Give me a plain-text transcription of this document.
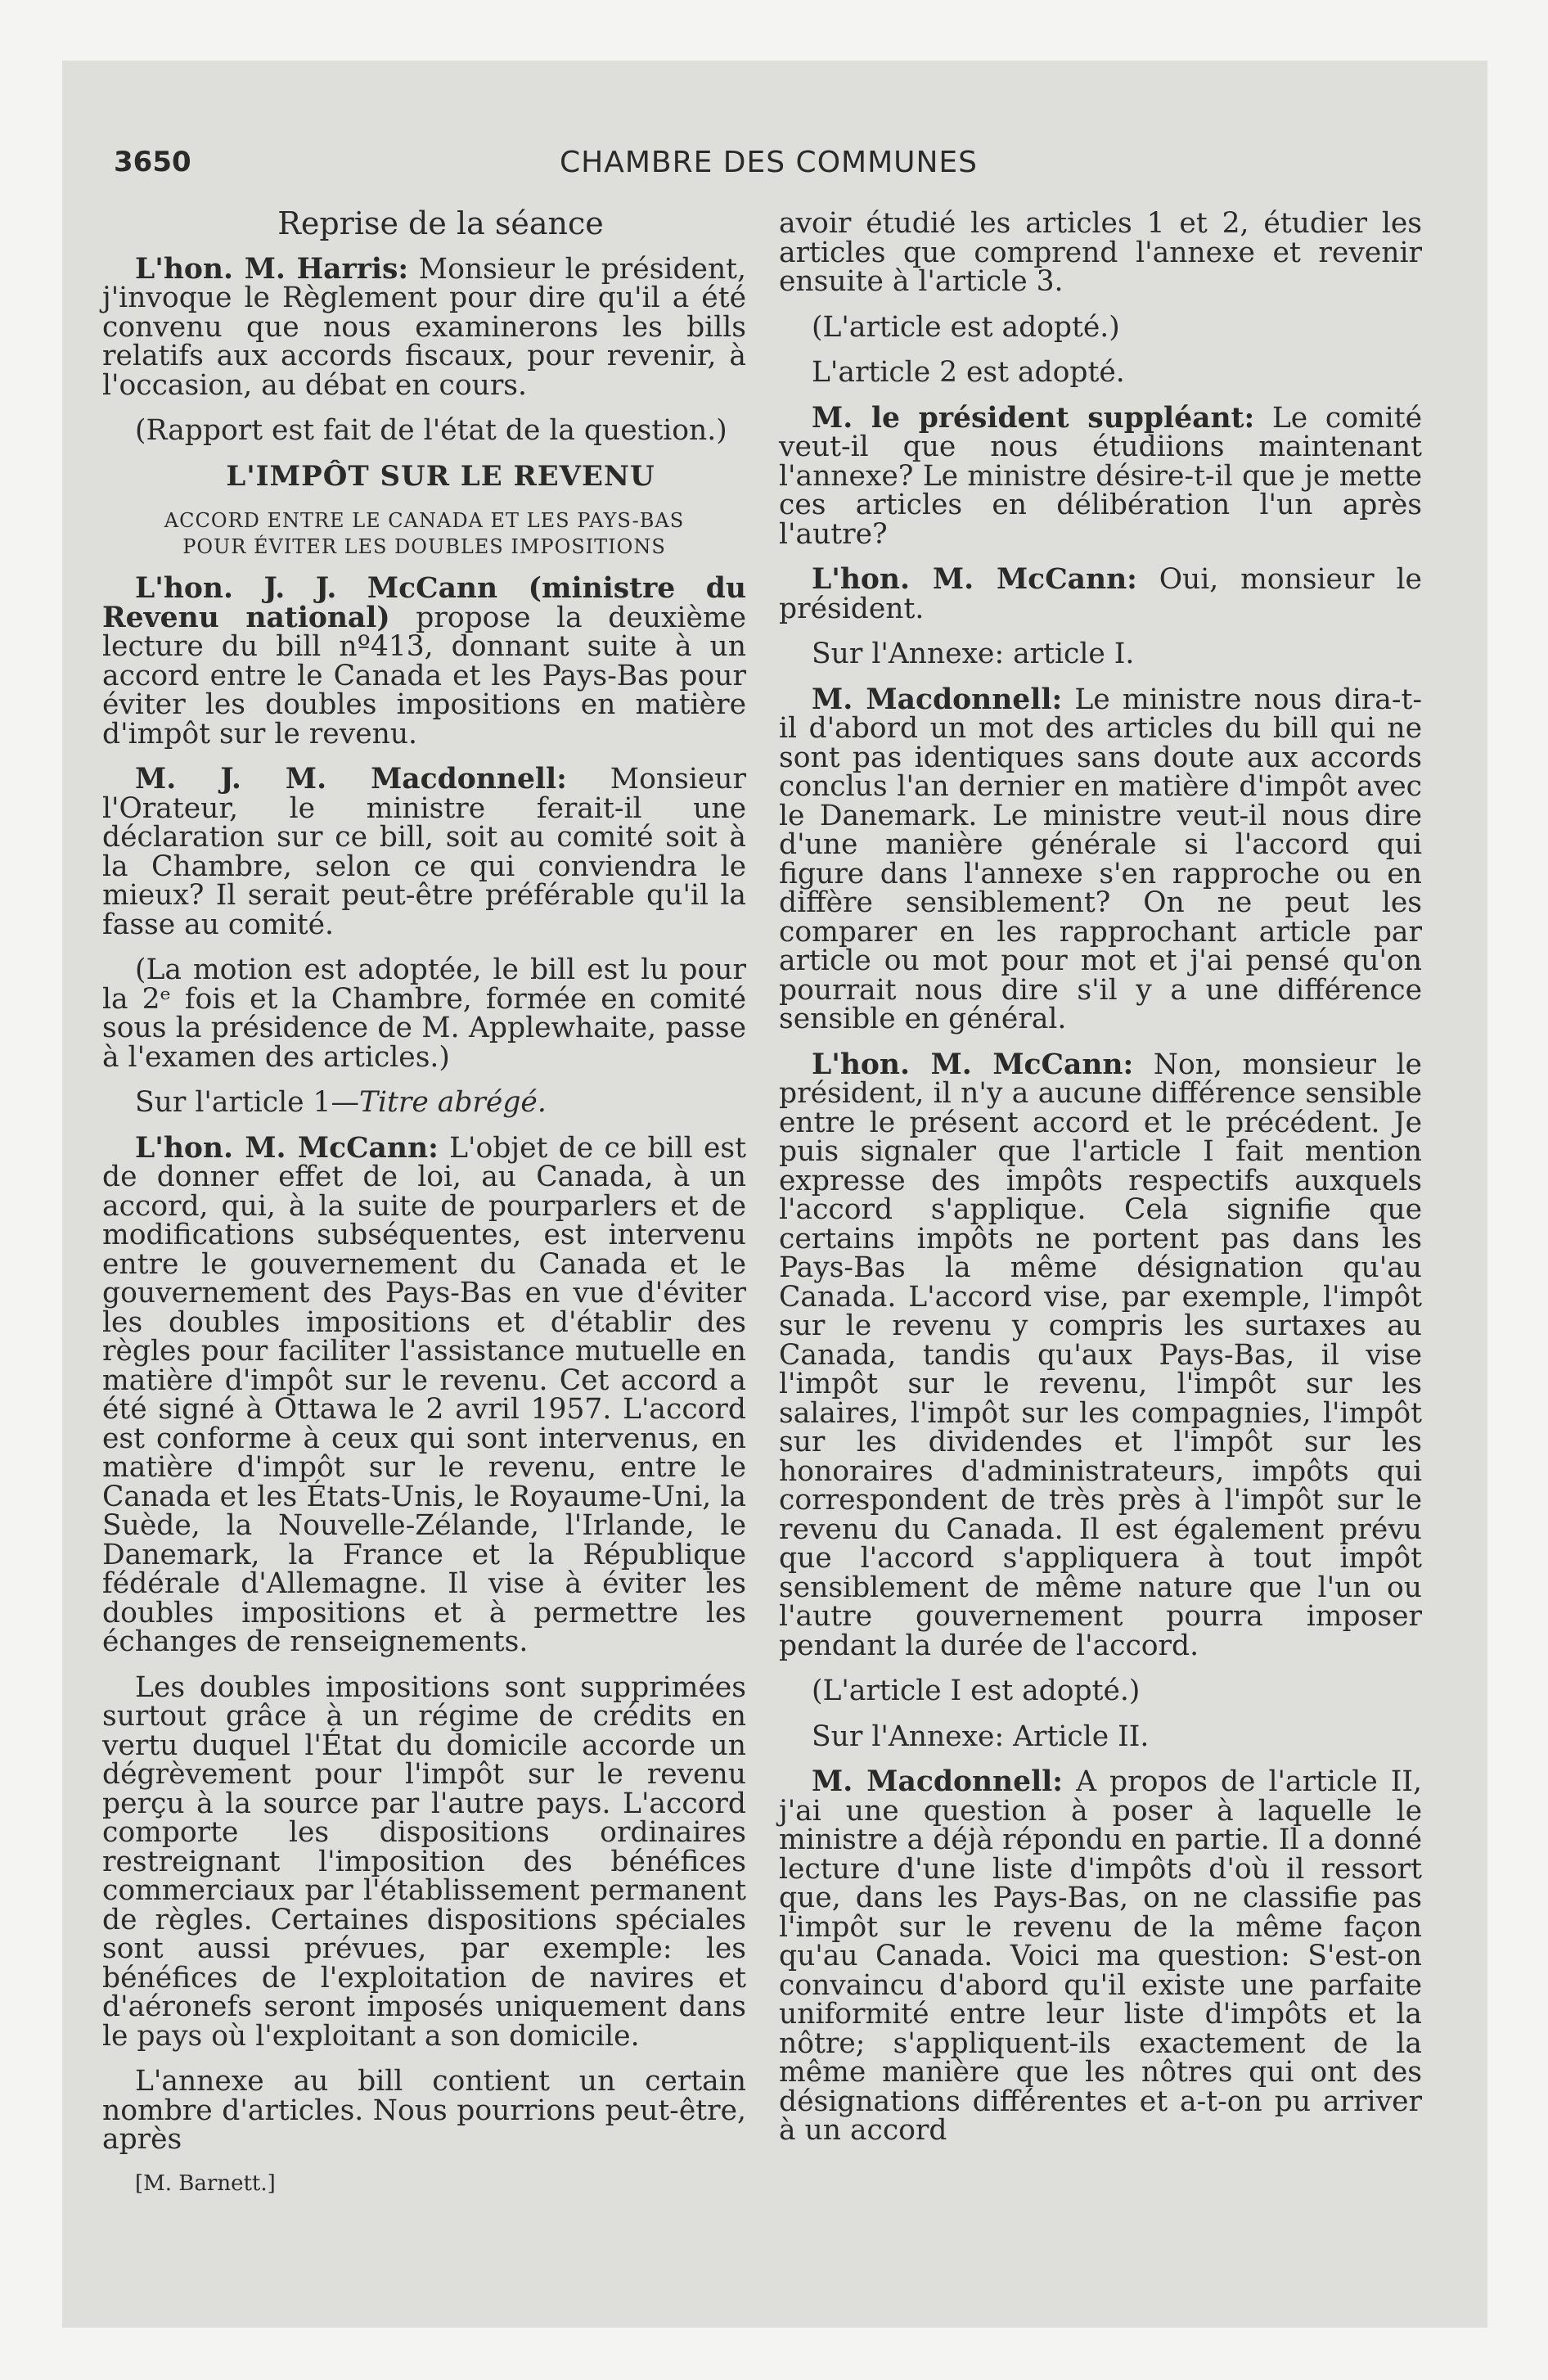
3650	CHAMBRE DES COMMUNES

Reprise de la séance

L'hon. M. Harris: Monsieur le président, j'invoque le Règlement pour dire qu'il a été convenu que nous examinerons les bills relatifs aux accords fiscaux, pour revenir, à l'occasion, au débat en cours.

(Rapport est fait de l'état de la question.)

L'IMPÔT SUR LE REVENU

ACCORD ENTRE LE CANADA ET LES PAYS-BAS
POUR ÉVITER LES DOUBLES IMPOSITIONS

L'hon. J. J. McCann (ministre du Revenu national) propose la deuxième lecture du bill nº413, donnant suite à un accord entre le Canada et les Pays-Bas pour éviter les doubles impositions en matière d'impôt sur le revenu.

M. J. M. Macdonnell: Monsieur l'Orateur, le ministre ferait-il une déclaration sur ce bill, soit au comité soit à la Chambre, selon ce qui conviendra le mieux? Il serait peut-être préférable qu'il la fasse au comité.

(La motion est adoptée, le bill est lu pour la 2ᵉ fois et la Chambre, formée en comité sous la présidence de M. Applewhaite, passe à l'examen des articles.)

Sur l'article 1—Titre abrégé.

L'hon. M. McCann: L'objet de ce bill est de donner effet de loi, au Canada, à un accord, qui, à la suite de pourparlers et de modifications subséquentes, est intervenu entre le gouvernement du Canada et le gouvernement des Pays-Bas en vue d'éviter les doubles impositions et d'établir des règles pour faciliter l'assistance mutuelle en matière d'impôt sur le revenu. Cet accord a été signé à Ottawa le 2 avril 1957. L'accord est conforme à ceux qui sont intervenus, en matière d'impôt sur le revenu, entre le Canada et les États-Unis, le Royaume-Uni, la Suède, la Nouvelle-Zélande, l'Irlande, le Danemark, la France et la République fédérale d'Allemagne. Il vise à éviter les doubles impositions et à permettre les échanges de renseignements.

Les doubles impositions sont supprimées surtout grâce à un régime de crédits en vertu duquel l'État du domicile accorde un dégrèvement pour l'impôt sur le revenu perçu à la source par l'autre pays. L'accord comporte les dispositions ordinaires restreignant l'imposition des bénéfices commerciaux par l'établissement permanent de règles. Certaines dispositions spéciales sont aussi prévues, par exemple: les bénéfices de l'exploitation de navires et d'aéronefs seront imposés uniquement dans le pays où l'exploitant a son domicile.

L'annexe au bill contient un certain nombre d'articles. Nous pourrions peut-être, après

[M. Barnett.]

avoir étudié les articles 1 et 2, étudier les articles que comprend l'annexe et revenir ensuite à l'article 3.

(L'article est adopté.)

L'article 2 est adopté.

M. le président suppléant: Le comité veut-il que nous étudiions maintenant l'annexe? Le ministre désire-t-il que je mette ces articles en délibération l'un après l'autre?

L'hon. M. McCann: Oui, monsieur le président.

Sur l'Annexe: article I.

M. Macdonnell: Le ministre nous dira-t-il d'abord un mot des articles du bill qui ne sont pas identiques sans doute aux accords conclus l'an dernier en matière d'impôt avec le Danemark. Le ministre veut-il nous dire d'une manière générale si l'accord qui figure dans l'annexe s'en rapproche ou en diffère sensiblement? On ne peut les comparer en les rapprochant article par article ou mot pour mot et j'ai pensé qu'on pourrait nous dire s'il y a une différence sensible en général.

L'hon. M. McCann: Non, monsieur le président, il n'y a aucune différence sensible entre le présent accord et le précédent. Je puis signaler que l'article I fait mention expresse des impôts respectifs auxquels l'accord s'applique. Cela signifie que certains impôts ne portent pas dans les Pays-Bas la même désignation qu'au Canada. L'accord vise, par exemple, l'impôt sur le revenu y compris les surtaxes au Canada, tandis qu'aux Pays-Bas, il vise l'impôt sur le revenu, l'impôt sur les salaires, l'impôt sur les compagnies, l'impôt sur les dividendes et l'impôt sur les honoraires d'administrateurs, impôts qui correspondent de très près à l'impôt sur le revenu du Canada. Il est également prévu que l'accord s'appliquera à tout impôt sensiblement de même nature que l'un ou l'autre gouvernement pourra imposer pendant la durée de l'accord.

(L'article I est adopté.)

Sur l'Annexe: Article II.

M. Macdonnell: A propos de l'article II, j'ai une question à poser à laquelle le ministre a déjà répondu en partie. Il a donné lecture d'une liste d'impôts d'où il ressort que, dans les Pays-Bas, on ne classifie pas l'impôt sur le revenu de la même façon qu'au Canada. Voici ma question: S'est-on convaincu d'abord qu'il existe une parfaite uniformité entre leur liste d'impôts et la nôtre; s'appliquent-ils exactement de la même manière que les nôtres qui ont des désignations différentes et a-t-on pu arriver à un accord
